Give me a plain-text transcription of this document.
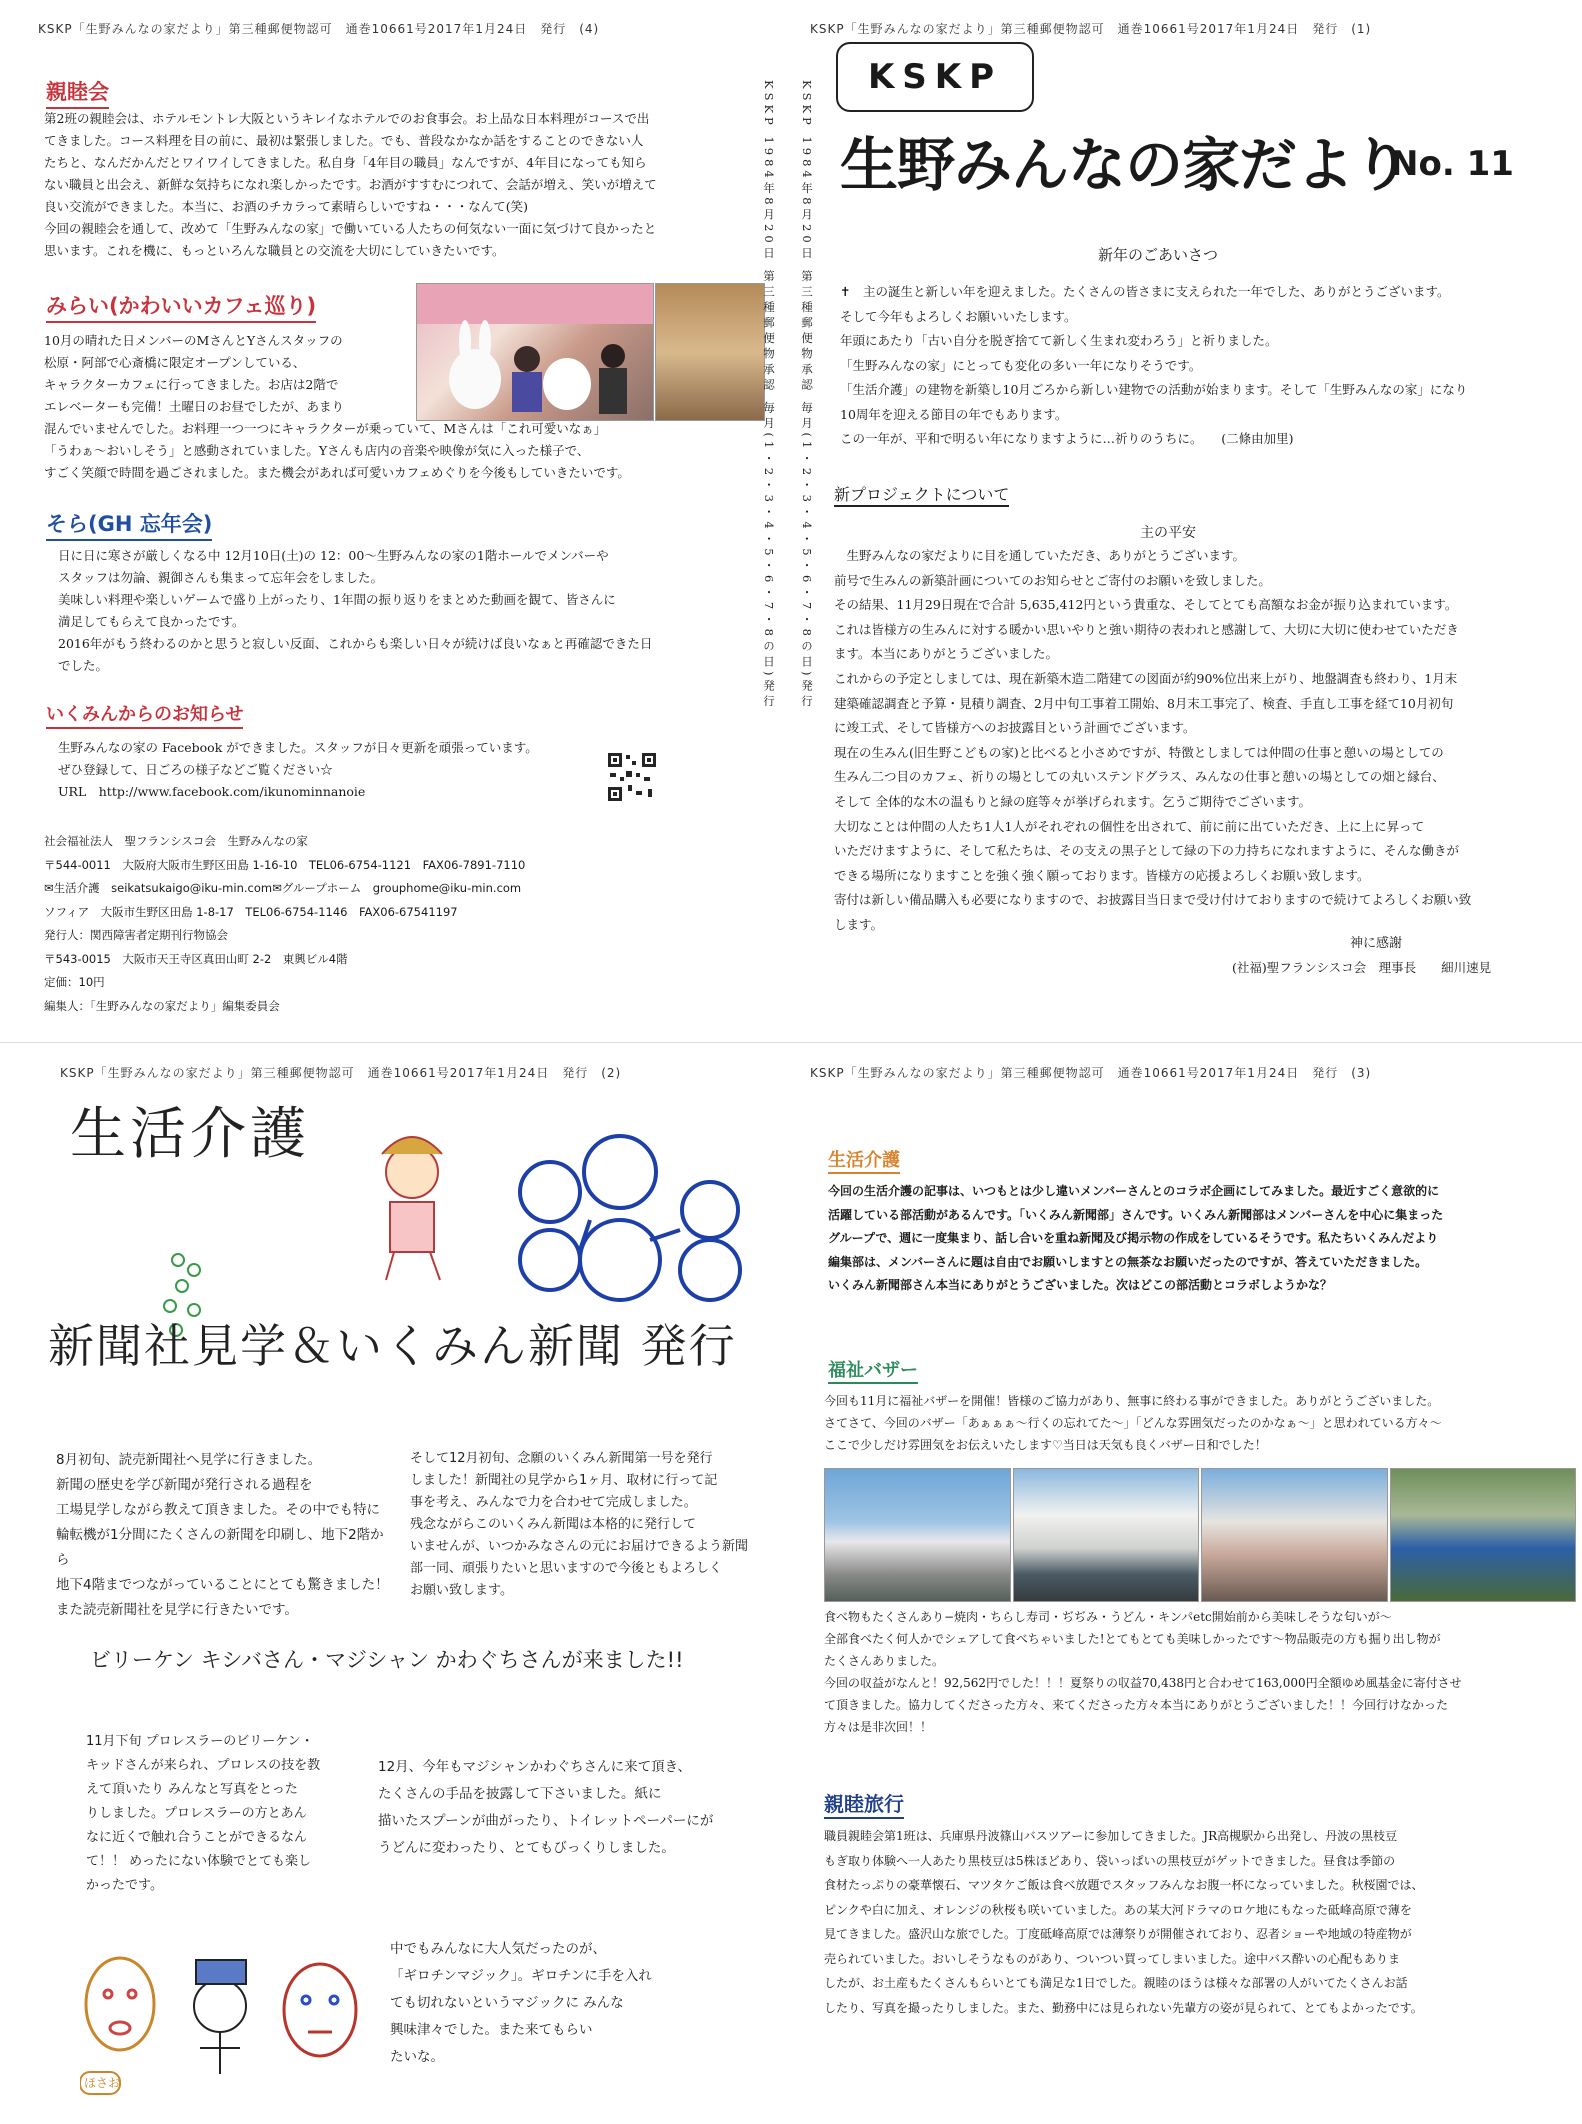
KSKP「生野みんなの家だより」第三種郵便物認可　通巻10661号2017年1月24日　発行　(4)
親睦会
第2班の親睦会は、ホテルモントレ大阪というキレイなホテルでのお食事会。お上品な日本料理がコースで出
てきました。コース料理を目の前に、最初は緊張しました。でも、普段なかなか話をすることのできない人
たちと、なんだかんだとワイワイしてきました。私自身「4年目の職員」なんですが、4年目になっても知ら
ない職員と出会え、新鮮な気持ちになれ楽しかったです。お酒がすすむにつれて、会話が増え、笑いが増えて
良い交流ができました。本当に、お酒のチカラって素晴らしいですね・・・なんて(笑)
今回の親睦会を通して、改めて「生野みんなの家」で働いている人たちの何気ない一面に気づけて良かったと
思います。これを機に、もっといろんな職員との交流を大切にしていきたいです。
みらい(かわいいカフェ巡り)
10月の晴れた日メンバーのMさんとYさんスタッフの
松原・阿部で心斎橋に限定オープンしている、
キャラクターカフェに行ってきました。お店は2階で
エレベーターも完備！土曜日のお昼でしたが、あまり
混んでいませんでした。お料理一つ一つにキャラクターが乗っていて、Mさんは「これ可愛いなぁ」
「うわぁ〜おいしそう」と感動されていました。Yさんも店内の音楽や映像が気に入った様子で、
すごく笑顔で時間を過ごされました。また機会があれば可愛いカフェめぐりを今後もしていきたいです。
そら(GH 忘年会)
日に日に寒さが厳しくなる中 12月10日(土)の 12：00〜生野みんなの家の1階ホールでメンバーや
スタッフは勿論、親御さんも集まって忘年会をしました。
美味しい料理や楽しいゲームで盛り上がったり、1年間の振り返りをまとめた動画を観て、皆さんに
満足してもらえて良かったです。
2016年がもう終わるのかと思うと寂しい反面、これからも楽しい日々が続けば良いなぁと再確認できた日
でした。
いくみんからのお知らせ
生野みんなの家の Facebook ができました。スタッフが日々更新を頑張っています。
ぜひ登録して、日ごろの様子などご覧ください☆
URL　http://www.facebook.com/ikunominnanoie
社会福祉法人　聖フランシスコ会　生野みんなの家
〒544-0011　大阪府大阪市生野区田島 1-16-10　TEL06-6754-1121　FAX06-7891-7110
✉生活介護　seikatsukaigo@iku-min.com✉グループホーム　grouphome@iku-min.com
ソフィア　大阪市生野区田島 1-8-17　TEL06-6754-1146　FAX06-67541197
発行人：関西障害者定期刊行物協会
〒543-0015　大阪市天王寺区真田山町 2-2　東興ビル4階
定価：10円
編集人：「生野みんなの家だより」編集委員会
KSKP 1984年8月20日 第三種郵便物承認 毎月(1・2・3・4・5・6・7・8の日)発行 KSKP 1984年8月20日 第三種郵便物承認 毎月(1・2・3・4・5・6・7・8の日)発行
KSKP「生野みんなの家だより」第三種郵便物認可　通巻10661号2017年1月24日　発行　(1)
KSKP
生野みんなの家だより
No. 11
新年のごあいさつ
✝　主の誕生と新しい年を迎えました。たくさんの皆さまに支えられた一年でした、ありがとうございます。
そして今年もよろしくお願いいたします。
年頭にあたり「古い自分を脱ぎ捨てて新しく生まれ変わろう」と祈りました。
「生野みんなの家」にとっても変化の多い一年になりそうです。
「生活介護」の建物を新築し10月ごろから新しい建物での活動が始まります。そして「生野みんなの家」になり
10周年を迎える節目の年でもあります。
この一年が、平和で明るい年になりますように…祈りのうちに。　　(二條由加里)
新プロジェクトについて
主の平安
　生野みんなの家だよりに目を通していただき、ありがとうございます。
前号で生みんの新築計画についてのお知らせとご寄付のお願いを致しました。
その結果、11月29日現在で合計 5,635,412円という貴重な、そしてとても高額なお金が振り込まれています。
これは皆様方の生みんに対する暖かい思いやりと強い期待の表われと感謝して、大切に大切に使わせていただき
ます。本当にありがとうございました。
これからの予定としましては、現在新築木造二階建ての図面が約90%位出来上がり、地盤調査も終わり、1月末
建築確認調査と予算・見積り調査、2月中旬工事着工開始、8月末工事完了、検査、手直し工事を経て10月初旬
に竣工式、そして皆様方へのお披露目という計画でございます。
現在の生みん(旧生野こどもの家)と比べると小さめですが、特徴としましては仲間の仕事と憩いの場としての
生みん二つ目のカフェ、祈りの場としての丸いステンドグラス、みんなの仕事と憩いの場としての畑と縁台、
そして 全体的な木の温もりと緑の庭等々が挙げられます。乞うご期待でございます。
大切なことは仲間の人たち1人1人がそれぞれの個性を出されて、前に前に出ていただき、上に上に昇って
いただけますように、そして私たちは、その支えの黒子として緑の下の力持ちになれますように、そんな働きが
できる場所になりますことを強く強く願っております。皆様方の応援よろしくお願い致します。
寄付は新しい備品購入も必要になりますので、お披露目当日まで受け付けておりますので続けてよろしくお願い致
します。
神に感謝
(社福)聖フランシスコ会　理事長　　細川速見
KSKP「生野みんなの家だより」第三種郵便物認可　通巻10661号2017年1月24日　発行　(2)
生活介護
新聞社見学＆いくみん新聞 発行
8月初旬、読売新聞社へ見学に行きました。
新聞の歴史を学び新聞が発行される過程を
工場見学しながら教えて頂きました。その中でも特に
輪転機が1分間にたくさんの新聞を印刷し、地下2階から
地下4階までつながっていることにとても驚きました！
また読売新聞社を見学に行きたいです。
そして12月初旬、念願のいくみん新聞第一号を発行
しました！新聞社の見学から1ヶ月、取材に行って記
事を考え、みんなで力を合わせて完成しました。
残念ながらこのいくみん新聞は本格的に発行して
いませんが、いつかみなさんの元にお届けできるよう新聞
部一同、頑張りたいと思いますので今後ともよろしく
お願い致します。
ビリーケン キシバさん・マジシャン かわぐちさんが来ました!!
11月下旬 プロレスラーのビリーケン・
キッドさんが来られ、プロレスの技を教
えて頂いたり みんなと写真をとった
りしました。プロレスラーの方とあん
なに近くで触れ合うことができるなん
て！！ めったにない体験でとても楽し
かったです。
12月、今年もマジシャンかわぐちさんに来て頂き、
たくさんの手品を披露して下さいました。紙に
描いたスプーンが曲がったり、トイレットペーパーにが
うどんに変わったり、とてもびっくりしました。
中でもみんなに大人気だったのが、
「ギロチンマジック」。ギロチンに手を入れ
ても切れないというマジックに みんな
興味津々でした。また来てもらい
たいな。
ほさお
KSKP「生野みんなの家だより」第三種郵便物認可　通巻10661号2017年1月24日　発行　(3)
生活介護
今回の生活介護の記事は、いつもとは少し違いメンバーさんとのコラボ企画にしてみました。最近すごく意欲的に
活躍している部活動があるんです。「いくみん新聞部」さんです。いくみん新聞部はメンバーさんを中心に集まった
グループで、週に一度集まり、話し合いを重ね新聞及び掲示物の作成をしているそうです。私たちいくみんだより
編集部は、メンバーさんに題は自由でお願いしますとの無茶なお願いだったのですが、答えていただきました。
いくみん新聞部さん本当にありがとうございました。次はどこの部活動とコラボしようかな？
福祉バザー
今回も11月に福祉バザーを開催！皆様のご協力があり、無事に終わる事ができました。ありがとうございました。
さてさて、今回のバザー「あぁぁぁ〜行くの忘れてた〜」「どんな雰囲気だったのかなぁ〜」と思われている方々〜
ここで少しだけ雰囲気をお伝えいたします♡当日は天気も良くバザー日和でした！
食べ物もたくさんあり−焼肉・ちらし寿司・ぢぢみ・うどん・キンパetc開始前から美味しそうな匂いが〜
全部食べたく何人かでシェアして食べちゃいました!とてもとても美味しかったです〜物品販売の方も掘り出し物が
たくさんありました。
今回の収益がなんと！92,562円でした！！！夏祭りの収益70,438円と合わせて163,000円全額ゆめ風基金に寄付させ
て頂きました。協力してくださった方々、来てくださった方々本当にありがとうございました！！今回行けなかった
方々は是非次回！！
親睦旅行
職員親睦会第1班は、兵庫県丹波篠山バスツアーに参加してきました。JR高槻駅から出発し、丹波の黒枝豆
もぎ取り体験へ一人あたり黒枝豆は5株ほどあり、袋いっぱいの黒枝豆がゲットできました。昼食は季節の
食材たっぷりの豪華懐石、マツタケご飯は食べ放題でスタッフみんなお腹一杯になっていました。秋桜園では、
ピンクや白に加え、オレンジの秋桜も咲いていました。あの某大河ドラマのロケ地にもなった砥峰高原で薄を
見てきました。盛沢山な旅でした。丁度砥峰高原では薄祭りが開催されており、忍者ショーや地域の特産物が
売られていました。おいしそうなものがあり、ついつい買ってしまいました。途中バス酔いの心配もありま
したが、お土産もたくさんもらいとても満足な1日でした。親睦のほうは様々な部署の人がいてたくさんお話
したり、写真を撮ったりしました。また、勤務中には見られない先輩方の姿が見られて、とてもよかったです。
